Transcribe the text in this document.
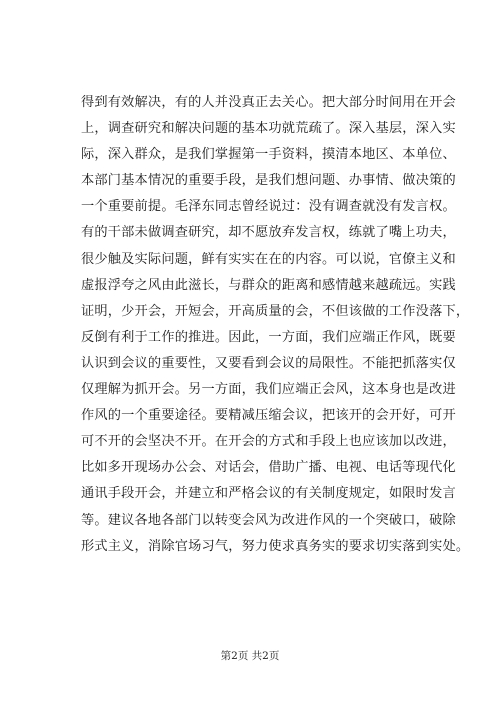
得到有效解决，有的人并没真正去关心。把大部分时间用在开会
上，调查研究和解决问题的基本功就荒疏了。深入基层，深入实
际，深入群众，是我们掌握第一手资料，摸清本地区、本单位、
本部门基本情况的重要手段，是我们想问题、办事情、做决策的
一个重要前提。毛泽东同志曾经说过：没有调查就没有发言权。
有的干部未做调查研究，却不愿放弃发言权，练就了嘴上功夫，
很少触及实际问题，鲜有实实在在的内容。可以说，官僚主义和
虚报浮夸之风由此滋长，与群众的距离和感情越来越疏远。实践
证明，少开会，开短会，开高质量的会，不但该做的工作没落下，
反倒有利于工作的推进。因此，一方面，我们应端正作风，既要
认识到会议的重要性，又要看到会议的局限性。不能把抓落实仅
仅理解为抓开会。另一方面，我们应端正会风，这本身也是改进
作风的一个重要途径。要精减压缩会议，把该开的会开好，可开
可不开的会坚决不开。在开会的方式和手段上也应该加以改进，
比如多开现场办公会、对话会，借助广播、电视、电话等现代化
通讯手段开会，并建立和严格会议的有关制度规定，如限时发言
等。建议各地各部门以转变会风为改进作风的一个突破口，破除
形式主义，消除官场习气，努力使求真务实的要求切实落到实处。
第2页 共2页
